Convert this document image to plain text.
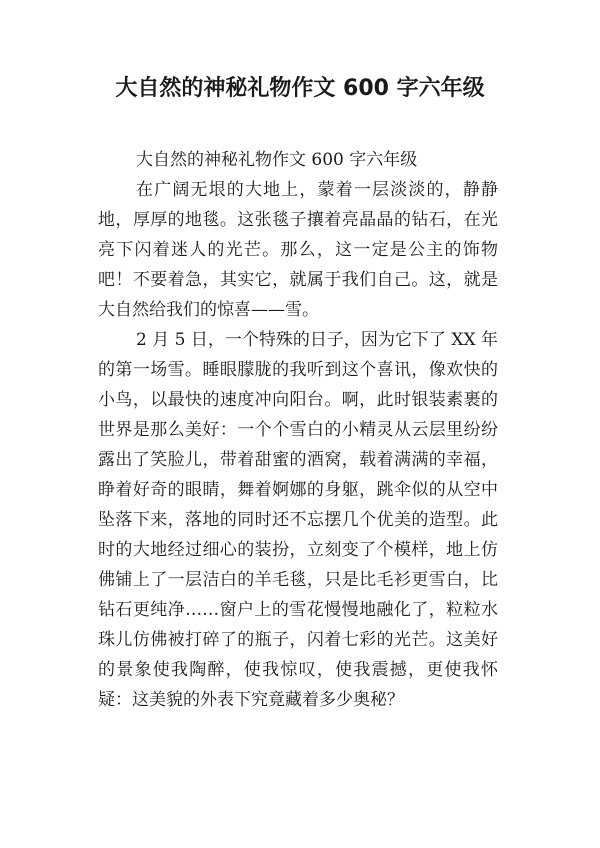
大自然的神秘礼物作文 600 字六年级

大自然的神秘礼物作文 600 字六年级

在广阔无垠的大地上，蒙着一层淡淡的，静静地，厚厚的地毯。这张毯子攘着亮晶晶的钻石，在光亮下闪着迷人的光芒。那么，这一定是公主的饰物吧！不要着急，其实它，就属于我们自己。这，就是大自然给我们的惊喜——雪。

2 月 5 日，一个特殊的日子，因为它下了 XX 年的第一场雪。睡眼朦胧的我听到这个喜讯，像欢快的小鸟，以最快的速度冲向阳台。啊，此时银装素裹的世界是那么美好：一个个雪白的小精灵从云层里纷纷露出了笑脸儿，带着甜蜜的酒窝，载着满满的幸福，睁着好奇的眼睛，舞着婀娜的身躯，跳伞似的从空中坠落下来，落地的同时还不忘摆几个优美的造型。此时的大地经过细心的装扮，立刻变了个模样，地上仿佛铺上了一层洁白的羊毛毯，只是比毛衫更雪白，比钻石更纯净……窗户上的雪花慢慢地融化了，粒粒水珠儿仿佛被打碎了的瓶子，闪着七彩的光芒。这美好的景象使我陶醉，使我惊叹，使我震撼，更使我怀疑：这美貌的外表下究竟藏着多少奥秘？
